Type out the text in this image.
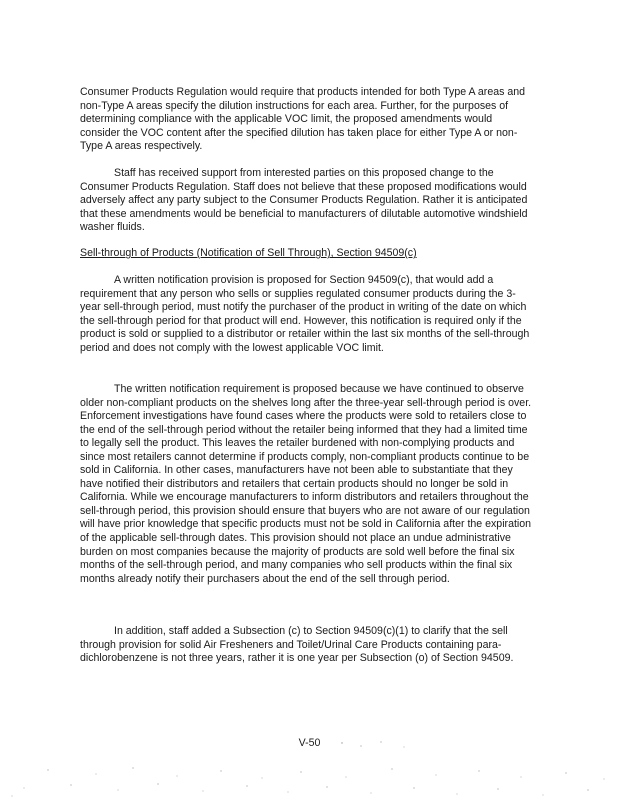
Consumer Products Regulation would require that products intended for both Type A areas and non-Type A areas specify the dilution instructions for each area. Further, for the purposes of determining compliance with the applicable VOC limit, the proposed amendments would consider the VOC content after the specified dilution has taken place for either Type A or non-Type A areas respectively.

Staff has received support from interested parties on this proposed change to the Consumer Products Regulation. Staff does not believe that these proposed modifications would adversely affect any party subject to the Consumer Products Regulation. Rather it is anticipated that these amendments would be beneficial to manufacturers of dilutable automotive windshield washer fluids.

Sell-through of Products (Notification of Sell Through), Section 94509(c)

A written notification provision is proposed for Section 94509(c), that would add a requirement that any person who sells or supplies regulated consumer products during the 3-year sell-through period, must notify the purchaser of the product in writing of the date on which the sell-through period for that product will end. However, this notification is required only if the product is sold or supplied to a distributor or retailer within the last six months of the sell-through period and does not comply with the lowest applicable VOC limit.

The written notification requirement is proposed because we have continued to observe older non-compliant products on the shelves long after the three-year sell-through period is over. Enforcement investigations have found cases where the products were sold to retailers close to the end of the sell-through period without the retailer being informed that they had a limited time to legally sell the product. This leaves the retailer burdened with non-complying products and since most retailers cannot determine if products comply, non-compliant products continue to be sold in California. In other cases, manufacturers have not been able to substantiate that they have notified their distributors and retailers that certain products should no longer be sold in California. While we encourage manufacturers to inform distributors and retailers throughout the sell-through period, this provision should ensure that buyers who are not aware of our regulation will have prior knowledge that specific products must not be sold in California after the expiration of the applicable sell-through dates. This provision should not place an undue administrative burden on most companies because the majority of products are sold well before the final six months of the sell-through period, and many companies who sell products within the final six months already notify their purchasers about the end of the sell through period.

In addition, staff added a Subsection (c) to Section 94509(c)(1) to clarify that the sell through provision for solid Air Fresheners and Toilet/Urinal Care Products containing para-dichlorobenzene is not three years, rather it is one year per Subsection (o) of Section 94509.

V-50
